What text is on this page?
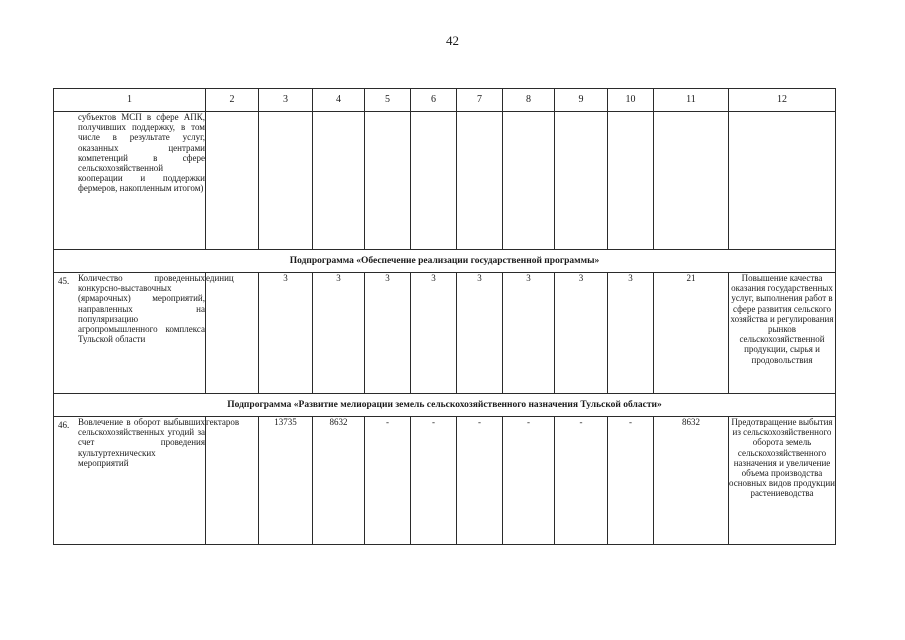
42
1	2	3	4	5	6	7	8	9	10	11	12

субъектов МСП в сфере АПК, получивших поддержку, в том числе в результате услуг, оказанных центрами компетенций в сфере сельскохозяйственной кооперации и поддержки фермеров, накопленным итогом)											

Подпрограмма «Обеспечение реализации государственной программы»											

45. Количество проведенных конкурсно-выставочных (ярмарочных) мероприятий, направленных на популяризацию агропромышленного комплекса Тульской области	единиц	3	3	3	3	3	3	3	3	21	Повышение качества оказания государственных услуг, выполнения работ в сфере развития сельского хозяйства и регулирования рынков сельскохозяйственной продукции, сырья и продовольствия
Подпрограмма «Развитие мелиорации земель сельскохозяйственного назначения Тульской области»											

46. Вовлечение в оборот выбывших сельскохозяйственных угодий за счет проведения культуртехнических мероприятий	гектаров	13735	8632	-	-	-	-	-	-	8632	Предотвращение выбытия из сельскохозяйственного оборота земель сельскохозяйственного назначения и увеличение объема производства основных видов продукции растениеводства
